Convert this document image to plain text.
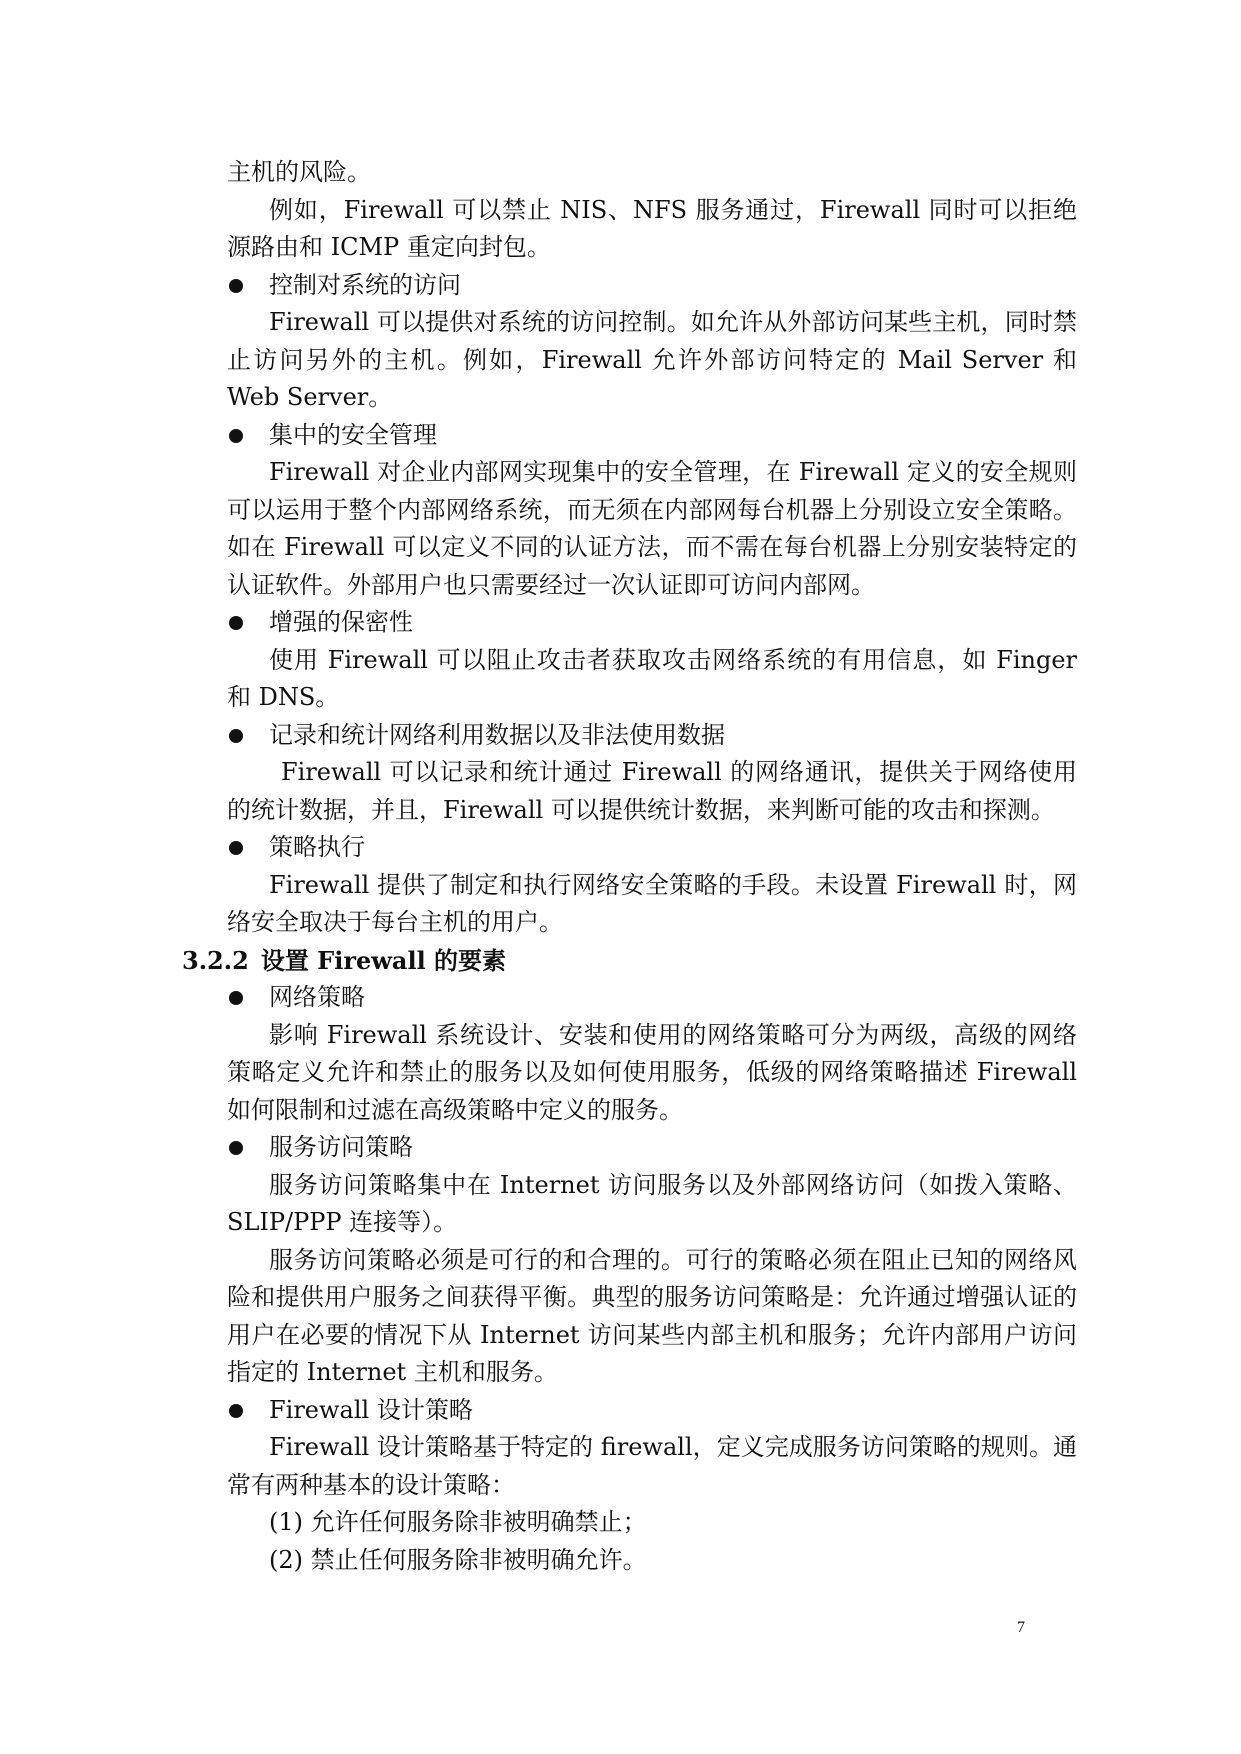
主机的风险。

例如，Firewall 可以禁止 NIS、NFS 服务通过，Firewall 同时可以拒绝源路由和 ICMP 重定向封包。

控制对系统的访问

Firewall 可以提供对系统的访问控制。如允许从外部访问某些主机，同时禁止访问另外的主机。例如，Firewall 允许外部访问特定的 Mail Server 和 Web Server。

集中的安全管理

Firewall 对企业内部网实现集中的安全管理，在 Firewall 定义的安全规则可以运用于整个内部网络系统，而无须在内部网每台机器上分别设立安全策略。如在 Firewall 可以定义不同的认证方法，而不需在每台机器上分别安装特定的认证软件。外部用户也只需要经过一次认证即可访问内部网。

增强的保密性

使用 Firewall 可以阻止攻击者获取攻击网络系统的有用信息，如 Finger 和 DNS。

记录和统计网络利用数据以及非法使用数据

Firewall 可以记录和统计通过 Firewall 的网络通讯，提供关于网络使用的统计数据，并且，Firewall 可以提供统计数据，来判断可能的攻击和探测。

策略执行

Firewall 提供了制定和执行网络安全策略的手段。未设置 Firewall 时，网络安全取决于每台主机的用户。

3.2.2 设置 Firewall 的要素

网络策略

影响 Firewall 系统设计、安装和使用的网络策略可分为两级，高级的网络策略定义允许和禁止的服务以及如何使用服务，低级的网络策略描述 Firewall 如何限制和过滤在高级策略中定义的服务。

服务访问策略

服务访问策略集中在 Internet 访问服务以及外部网络访问（如拨入策略、SLIP/PPP 连接等）。

服务访问策略必须是可行的和合理的。可行的策略必须在阻止已知的网络风险和提供用户服务之间获得平衡。典型的服务访问策略是：允许通过增强认证的用户在必要的情况下从 Internet 访问某些内部主机和服务；允许内部用户访问指定的 Internet 主机和服务。

Firewall 设计策略

Firewall 设计策略基于特定的 firewall，定义完成服务访问策略的规则。通常有两种基本的设计策略：

(1) 允许任何服务除非被明确禁止；

(2) 禁止任何服务除非被明确允许。

7
